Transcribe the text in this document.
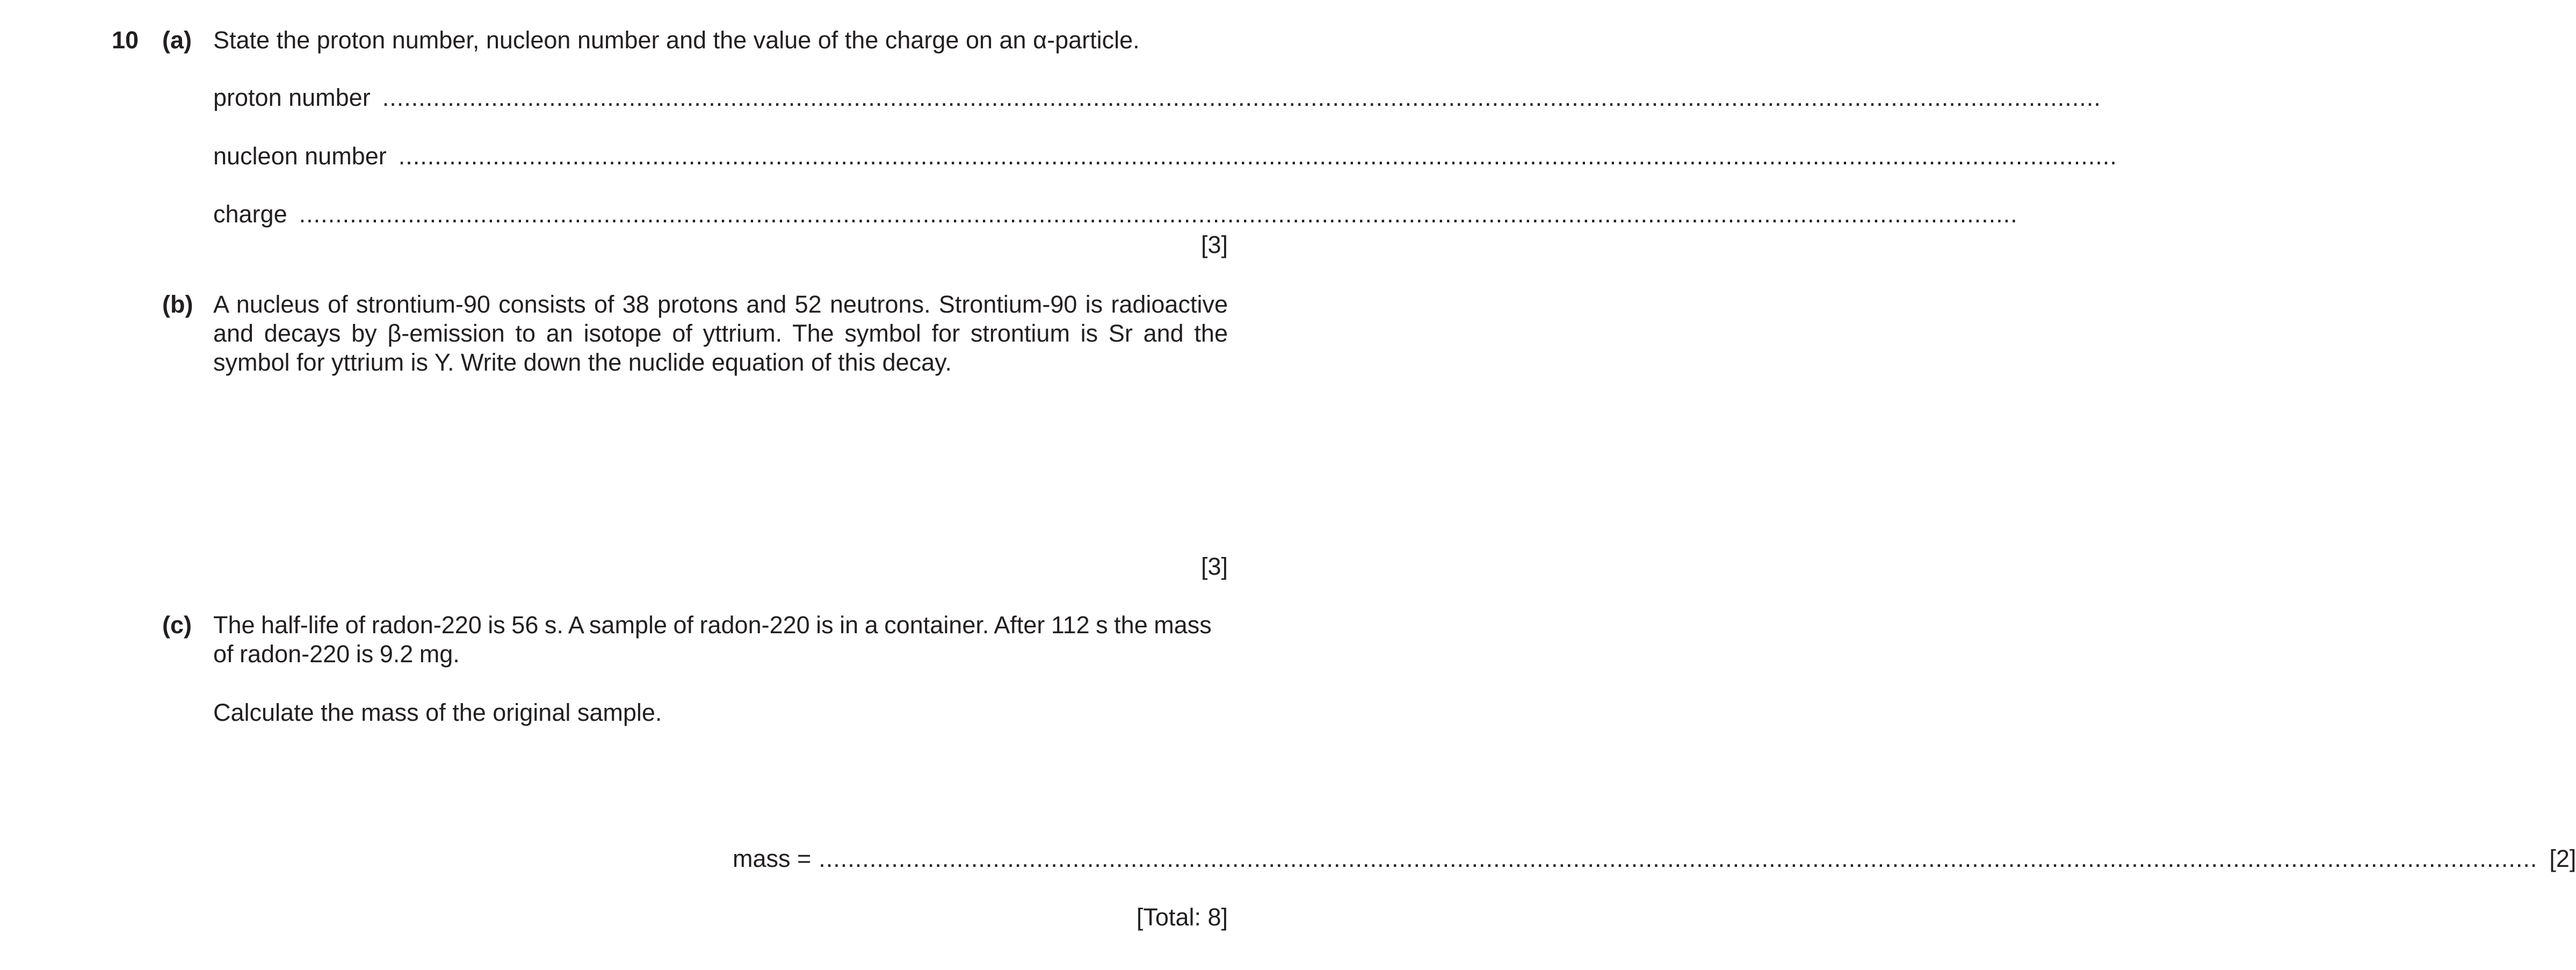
10 (a) State the proton number, nucleon number and the value of the charge on an α-particle.
proton number .............................................................................................................................................................................................................................................
nucleon number .............................................................................................................................................................................................................................................
charge .............................................................................................................................................................................................................................................
[3]
(b) A nucleus of strontium-90 consists of 38 protons and 52 neutrons. Strontium-90 is radioactive and decays by β-emission to an isotope of yttrium. The symbol for strontium is Sr and the symbol for yttrium is Y. Write down the nuclide equation of this decay.
[3]
(c) The half-life of radon-220 is 56 s. A sample of radon-220 is in a container. After 112 s the mass of radon-220 is 9.2 mg.
Calculate the mass of the original sample.
mass = ............................................................................................................................................................................................................................................. [2]
[Total: 8]
